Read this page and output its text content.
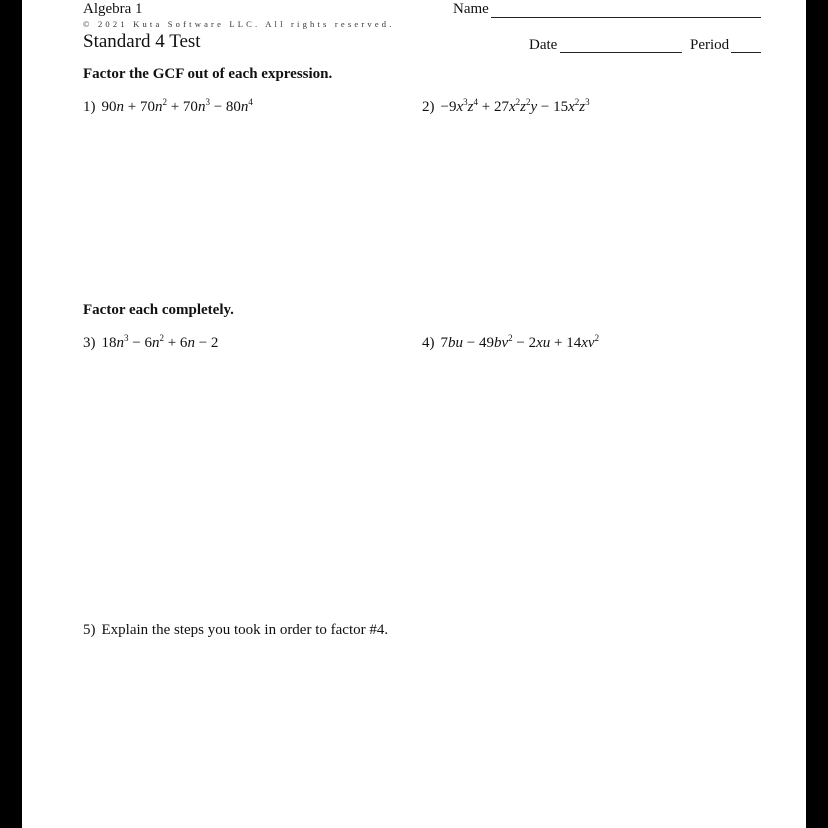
Algebra 1	Name
© 2021 Kuta Software LLC. All rights reserved.
Standard 4 Test	Date	Period
Factor the GCF out of each expression.
1) $90n + 70n^2 + 70n^3 - 80n^4$	$2) -9x^3z^4 + 27x^2z^2y - 15x^2z^3$
Factor each completely.
3) $18n^3 - 6n^2 + 6n - 2$	4) $7bu - 49bv^2 - 2xu + 14xv^2$
5) Explain the steps you took in order to factor #4.
